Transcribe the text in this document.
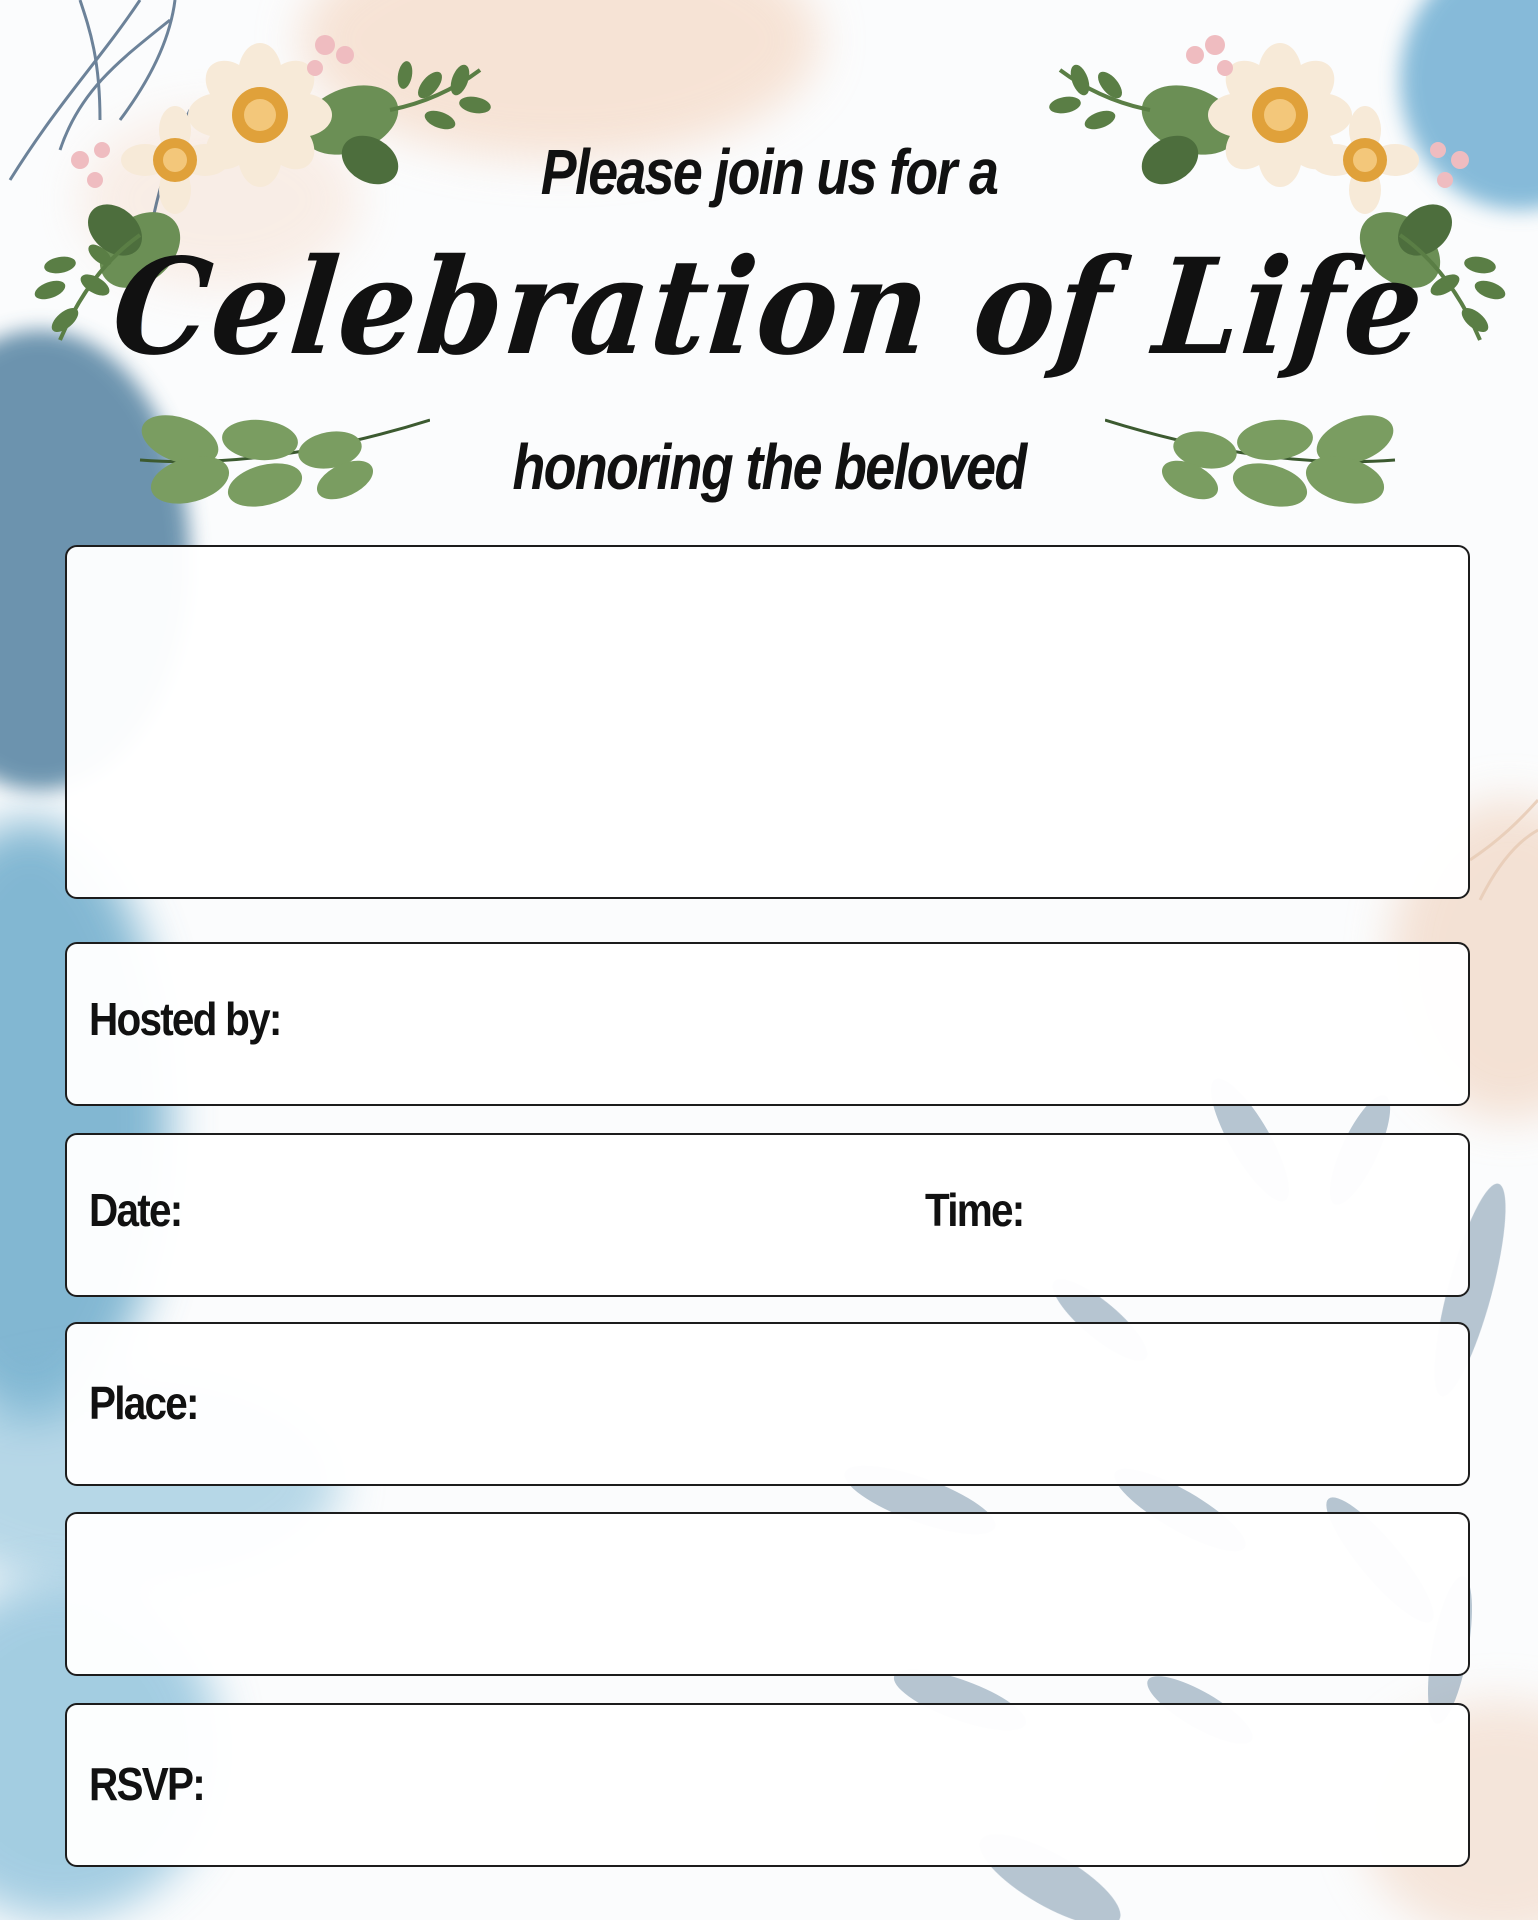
Please join us for a
Celebration of Life
honoring the beloved
Hosted by:
Date:	Time:
Place:
RSVP:
